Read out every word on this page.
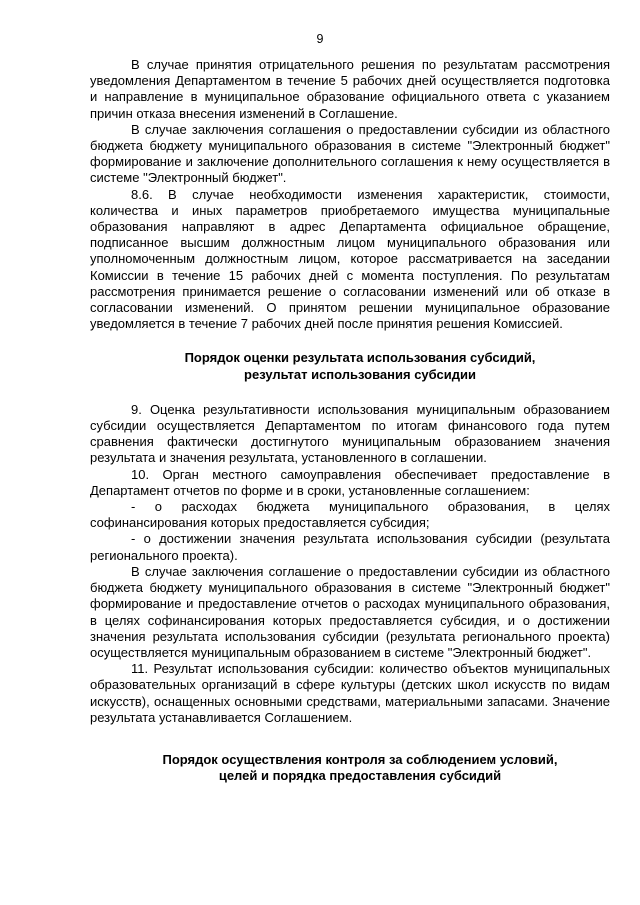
9

В случае принятия отрицательного решения по результатам рассмотрения уведомления Департаментом в течение 5 рабочих дней осуществляется подготовка и направление в муниципальное образование официального ответа с указанием причин отказа внесения изменений в Соглашение.

В случае заключения соглашения о предоставлении субсидии из областного бюджета бюджету муниципального образования в системе "Электронный бюджет" формирование и заключение дополнительного соглашения к нему осуществляется в системе "Электронный бюджет".

8.6. В случае необходимости изменения характеристик, стоимости, количества и иных параметров приобретаемого имущества муниципальные образования направляют в адрес Департамента официальное обращение, подписанное высшим должностным лицом муниципального образования или уполномоченным должностным лицом, которое рассматривается на заседании Комиссии в течение 15 рабочих дней с момента поступления. По результатам рассмотрения принимается решение о согласовании изменений или об отказе в согласовании изменений. О принятом решении муниципальное образование уведомляется в течение 7 рабочих дней после принятия решения Комиссией.

Порядок оценки результата использования субсидий,
результат использования субсидии

9. Оценка результативности использования муниципальным образованием субсидии осуществляется Департаментом по итогам финансового года путем сравнения фактически достигнутого муниципальным образованием значения результата и значения результата, установленного в соглашении.

10. Орган местного самоуправления обеспечивает предоставление в Департамент отчетов по форме и в сроки, установленные соглашением:

- о расходах бюджета муниципального образования, в целях софинансирования которых предоставляется субсидия;

- о достижении значения результата использования субсидии (результата регионального проекта).

В случае заключения соглашение о предоставлении субсидии из областного бюджета бюджету муниципального образования в системе "Электронный бюджет" формирование и предоставление отчетов о расходах муниципального образования, в целях софинансирования которых предоставляется субсидия, и о достижении значения результата использования субсидии (результата регионального проекта) осуществляется муниципальным образованием в системе "Электронный бюджет".

11. Результат использования субсидии: количество объектов муниципальных образовательных организаций в сфере культуры (детских школ искусств по видам искусств), оснащенных основными средствами, материальными запасами. Значение результата устанавливается Соглашением.

Порядок осуществления контроля за соблюдением условий,
целей и порядка предоставления субсидий
